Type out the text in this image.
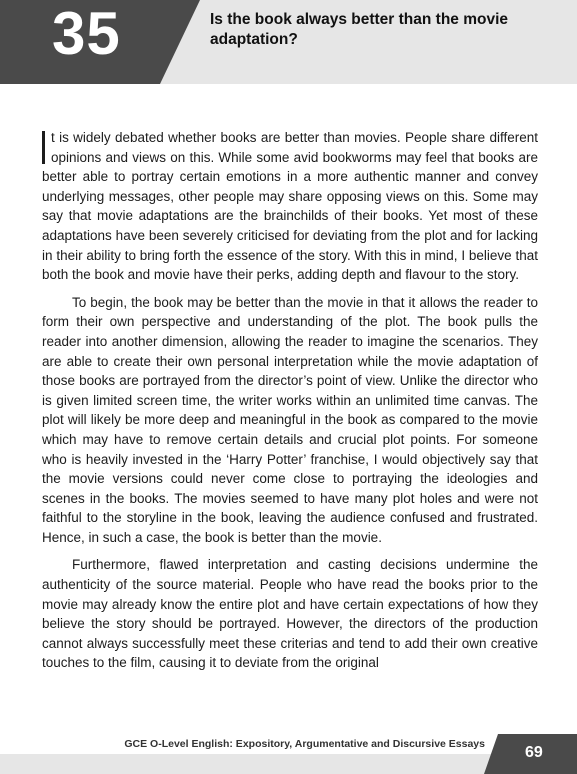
35	Is the book always better than the movie adaptation?

t is widely debated whether books are better than movies. People share different opinions and views on this. While some avid bookworms may feel that books are better able to portray certain emotions in a more authentic manner and convey underlying messages, other people may share opposing views on this. Some may say that movie adaptations are the brainchilds of their books. Yet most of these adaptations have been severely criticised for deviating from the plot and for lacking in their ability to bring forth the essence of the story. With this in mind, I believe that both the book and movie have their perks, adding depth and flavour to the story.

To begin, the book may be better than the movie in that it allows the reader to form their own perspective and understanding of the plot. The book pulls the reader into another dimension, allowing the reader to imagine the scenarios. They are able to create their own personal interpretation while the movie adaptation of those books are portrayed from the director’s point of view. Unlike the director who is given limited screen time, the writer works within an unlimited time canvas. The plot will likely be more deep and meaningful in the book as compared to the movie which may have to remove certain details and crucial plot points. For someone who is heavily invested in the ‘Harry Potter’ franchise, I would objectively say that the movie versions could never come close to portraying the ideologies and scenes in the books. The movies seemed to have many plot holes and were not faithful to the storyline in the book, leaving the audience confused and frustrated. Hence, in such a case, the book is better than the movie.

Furthermore, flawed interpretation and casting decisions undermine the authenticity of the source material. People who have read the books prior to the movie may already know the entire plot and have certain expectations of how they believe the story should be portrayed. However, the directors of the production cannot always successfully meet these criterias and tend to add their own creative touches to the film, causing it to deviate from the original

GCE O-Level English: Expository, Argumentative and Discursive Essays	69
